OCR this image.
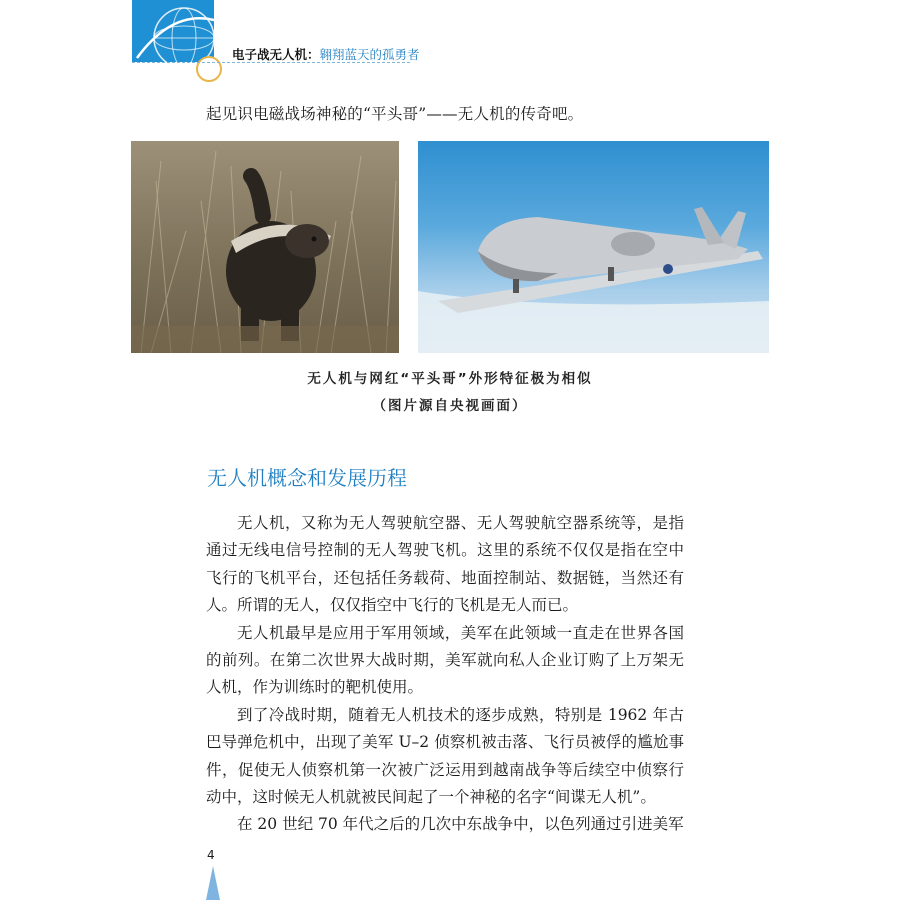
电子战无人机：翱翔蓝天的孤勇者
起见识电磁战场神秘的“平头哥”——无人机的传奇吧。
无人机与网红“平头哥”外形特征极为相似
（图片源自央视画面）
无人机概念和发展历程

无人机，又称为无人驾驶航空器、无人驾驶航空器系统等，是指通过无线电信号控制的无人驾驶飞机。这里的系统不仅仅是指在空中飞行的飞机平台，还包括任务载荷、地面控制站、数据链，当然还有人。所谓的无人，仅仅指空中飞行的飞机是无人而已。

无人机最早是应用于军用领域，美军在此领域一直走在世界各国的前列。在第二次世界大战时期，美军就向私人企业订购了上万架无人机，作为训练时的靶机使用。

到了冷战时期，随着无人机技术的逐步成熟，特别是 1962 年古巴导弹危机中，出现了美军 U–2 侦察机被击落、飞行员被俘的尴尬事件，促使无人侦察机第一次被广泛运用到越南战争等后续空中侦察行动中，这时候无人机就被民间起了一个神秘的名字“间谍无人机”。

在 20 世纪 70 年代之后的几次中东战争中，以色列通过引进美军

4
